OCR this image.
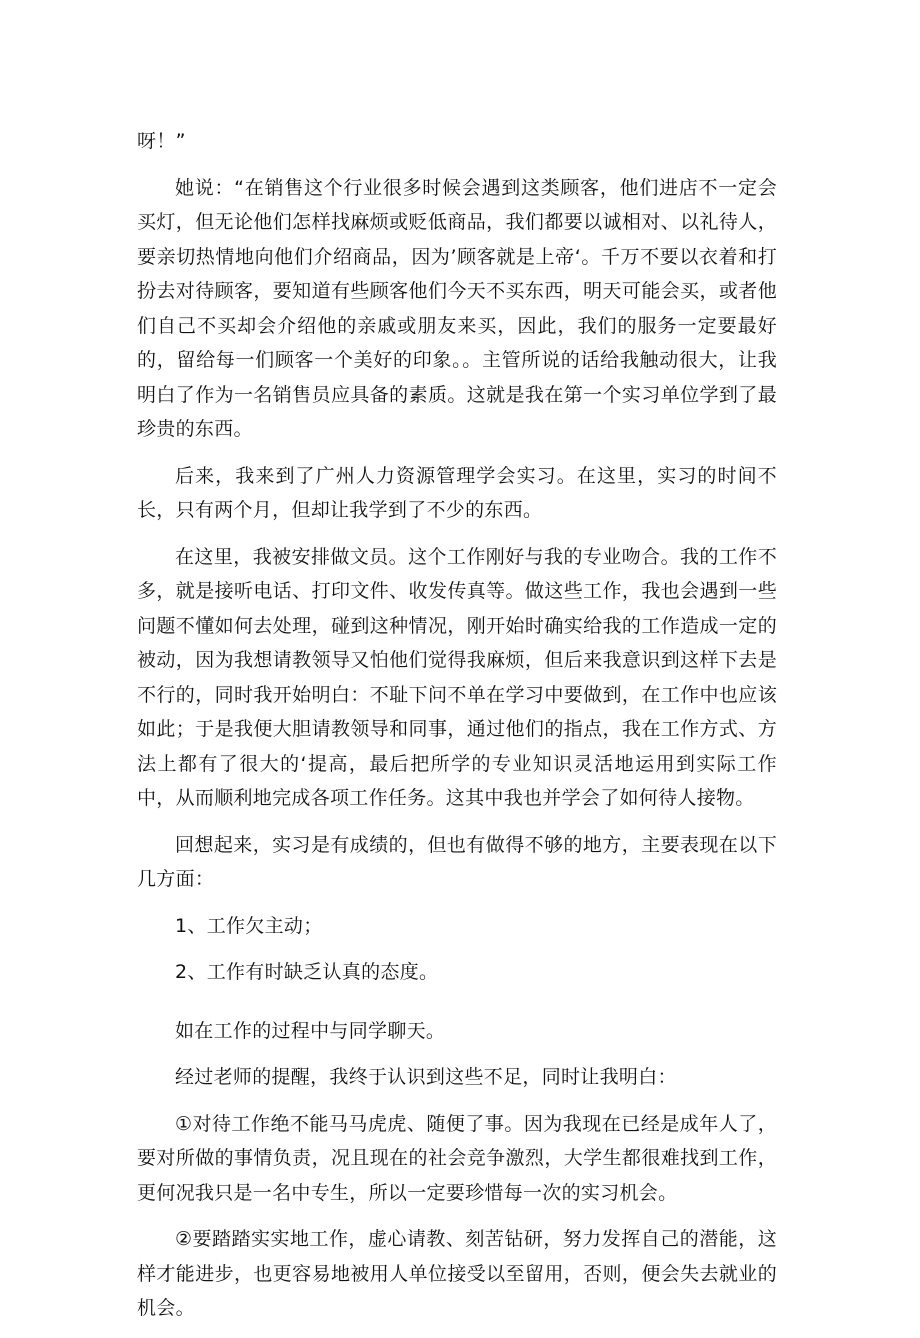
呀！”

她说：“在销售这个行业很多时候会遇到这类顾客，他们进店不一定会买灯，但无论他们怎样找麻烦或贬低商品，我们都要以诚相对、以礼待人，要亲切热情地向他们介绍商品，因为’顾客就是上帝‘。千万不要以衣着和打扮去对待顾客，要知道有些顾客他们今天不买东西，明天可能会买，或者他们自己不买却会介绍他的亲戚或朋友来买，因此，我们的服务一定要最好的，留给每一们顾客一个美好的印象。。主管所说的话给我触动很大，让我明白了作为一名销售员应具备的素质。这就是我在第一个实习单位学到了最珍贵的东西。

后来，我来到了广州人力资源管理学会实习。在这里，实习的时间不长，只有两个月，但却让我学到了不少的东西。

在这里，我被安排做文员。这个工作刚好与我的专业吻合。我的工作不多，就是接听电话、打印文件、收发传真等。做这些工作，我也会遇到一些问题不懂如何去处理，碰到这种情况，刚开始时确实给我的工作造成一定的被动，因为我想请教领导又怕他们觉得我麻烦，但后来我意识到这样下去是不行的，同时我开始明白：不耻下问不单在学习中要做到，在工作中也应该如此；于是我便大胆请教领导和同事，通过他们的指点，我在工作方式、方法上都有了很大的‘提高，最后把所学的专业知识灵活地运用到实际工作中，从而顺利地完成各项工作任务。这其中我也并学会了如何待人接物。

回想起来，实习是有成绩的，但也有做得不够的地方，主要表现在以下几方面：

1、工作欠主动；

2、工作有时缺乏认真的态度。

如在工作的过程中与同学聊天。

经过老师的提醒，我终于认识到这些不足，同时让我明白：

①对待工作绝不能马马虎虎、随便了事。因为我现在已经是成年人了，要对所做的事情负责，况且现在的社会竞争激烈，大学生都很难找到工作，更何况我只是一名中专生，所以一定要珍惜每一次的实习机会。

②要踏踏实实地工作，虚心请教、刻苦钻研，努力发挥自己的潜能，这样才能进步，也更容易地被用人单位接受以至留用，否则，便会失去就业的机会。
